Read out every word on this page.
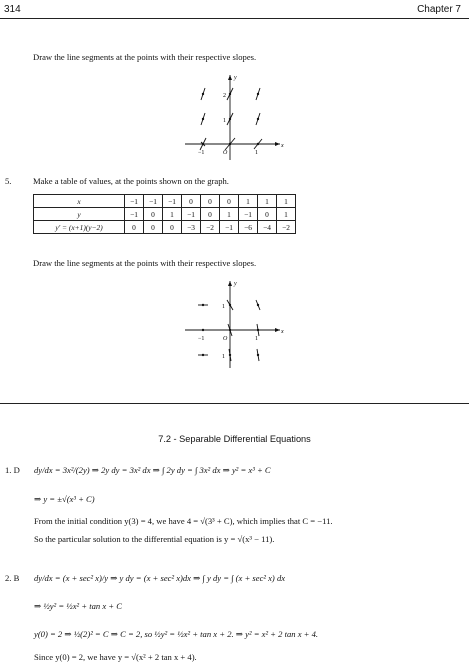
314	Chapter 7
Draw the line segments at the points with their respective slopes.
y
x
−1	O	1
1
2
5.	Make a table of values, at the points shown on the graph.
x	−1	−1	−1	0	0	0	1	1	1
y	−1	0	1	−1	0	1	−1	0	1
y′ = (x+1)(y−2)	0	0	0	−3	−2	−1	−6	−4	−2
Draw the line segments at the points with their respective slopes.
y
x
−1	O	1
1
1
7.2 - Separable Differential Equations
1. D dy/dx = 3x²/(2y) ⇒ 2y dy = 3x² dx ⇒ ∫ 2y dy = ∫ 3x² dx ⇒ y² = x³ + C
⇒ y = ±√(x³ + C)
From the initial condition y(3) = 4, we have 4 = √(3³ + C), which implies that C = −11.
So the particular solution to the differential equation is y = √(x³ − 11).
2. B dy/dx = (x + sec² x)/y ⇒ y dy = (x + sec² x)dx ⇒ ∫ y dy = ∫ (x + sec² x) dx
⇒ ½y² = ½x² + tan x + C
y(0) = 2 ⇒ ½(2)² = C ⇒ C = 2, so ½y² = ½x² + tan x + 2. ⇒ y² = x² + 2 tan x + 4.
Since y(0) = 2, we have y = √(x² + 2 tan x + 4).
